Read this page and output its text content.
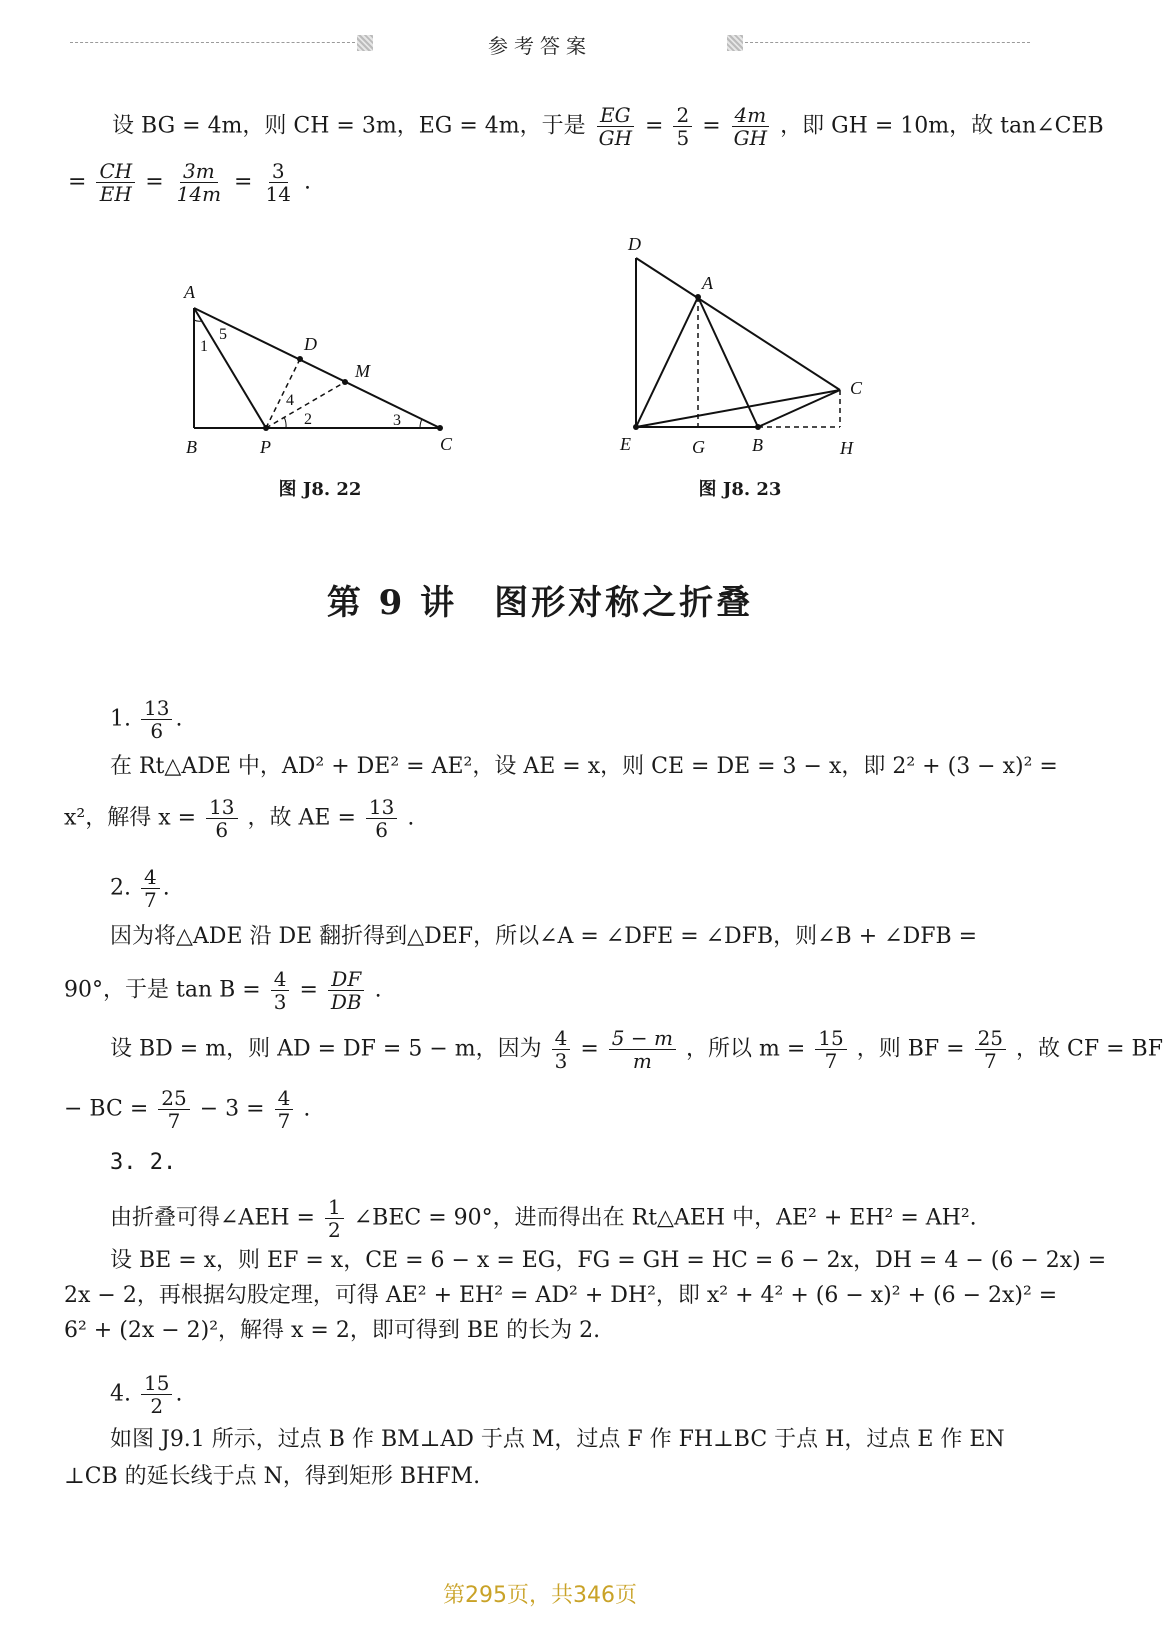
参考答案
设 BG = 4m，则 CH = 3m，EG = 4m，于是 $\frac{EG}{GH} = \frac{2}{5} = \frac{4m}{GH}$ ，即 GH = 10m，故 tan∠CEB
= $\frac{CH}{EH} = \frac{3m}{14m} = \frac{3}{14}$ .
A
B	P	C
D
M
1
5
4
2	3
图 J8. 22
D
A
C
E	G	B	H
图 J8. 23
第 9 讲　图形对称之折叠
1. $\frac{13}{6}$ .
在 Rt△ADE 中，AD² + DE² = AE²，设 AE = x，则 CE = DE = 3 − x，即 2² + (3 − x)² =
x²，解得 $x = \frac{13}{6}$ ，故 AE = $\frac{13}{6}$ .
2. $\frac{4}{7}$ .
因为将△ADE 沿 DE 翻折得到△DEF，所以∠A = ∠DFE = ∠DFB，则∠B + ∠DFB =
90°，于是 $\tan B = \frac{4}{3} = \frac{DF}{DB}$ .
设 BD = m，则 AD = DF = 5 − m，因为 $\frac{4}{3} = \frac{5 - m}{m}$ ，所以 $m = \frac{15}{7}$ ，则 BF = $\frac{25}{7}$ ，故 CF = BF
− BC = $\frac{25}{7} - 3 = \frac{4}{7}$ .
3. 2.
由折叠可得∠AEH = $\frac{1}{2}$ ∠BEC = 90°，进而得出在 Rt△AEH 中，AE² + EH² = AH².
设 BE = x，则 EF = x，CE = 6 − x = EG，FG = GH = HC = 6 − 2x，DH = 4 − (6 − 2x) =
2x − 2，再根据勾股定理，可得 AE² + EH² = AD² + DH²，即 x² + 4² + (6 − x)² + (6 − 2x)² =
6² + (2x − 2)²，解得 x = 2，即可得到 BE 的长为 2.
4. $\frac{15}{2}$ .
如图 J9.1 所示，过点 B 作 BM⊥AD 于点 M，过点 F 作 FH⊥BC 于点 H，过点 E 作 EN
⊥CB 的延长线于点 N，得到矩形 BHFM.
第295页，共346页
